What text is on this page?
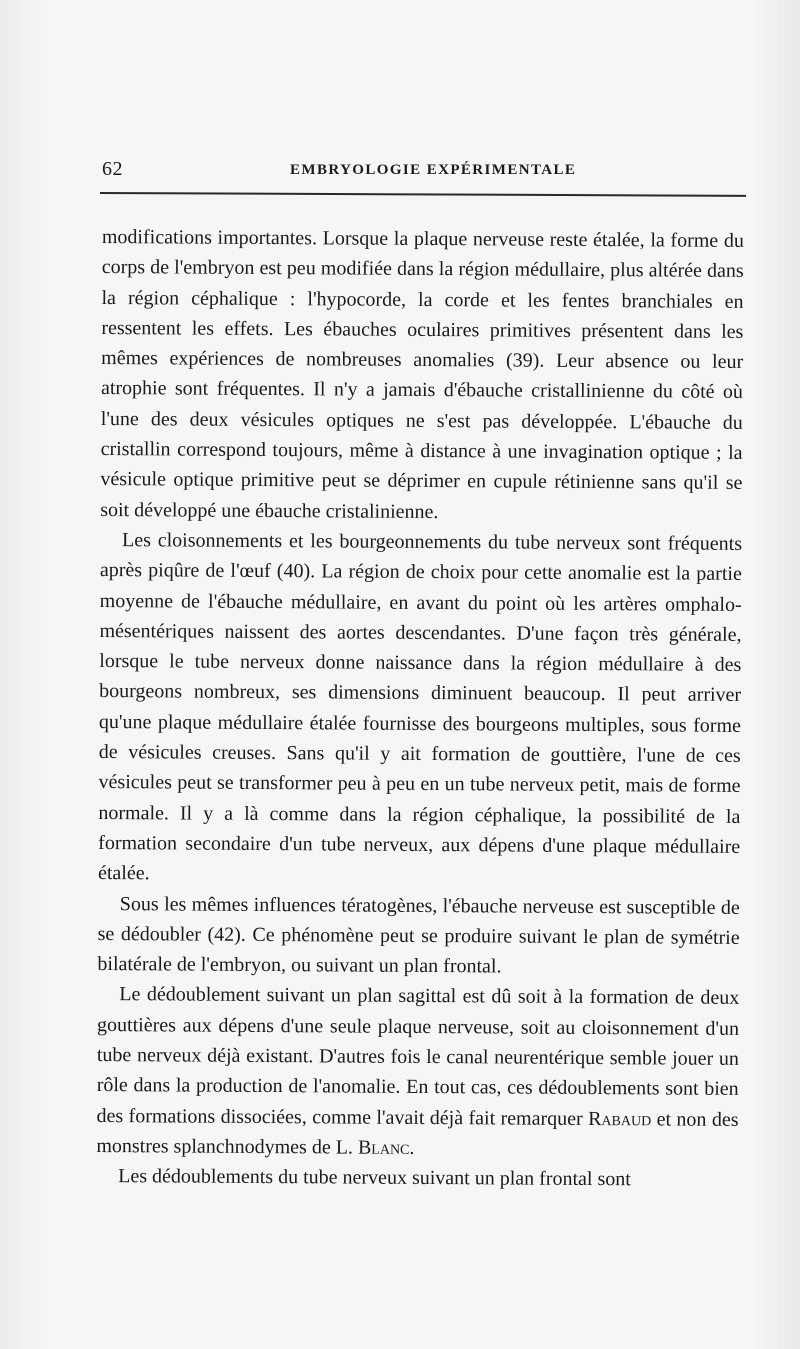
62	EMBRYOLOGIE EXPÉRIMENTALE

modifications importantes. Lorsque la plaque nerveuse reste étalée, la forme du corps de l'embryon est peu modifiée dans la région médullaire, plus altérée dans la région céphalique : l'hypocorde, la corde et les fentes branchiales en ressentent les effets. Les ébauches oculaires primitives présentent dans les mêmes expériences de nombreuses anomalies (39). Leur absence ou leur atrophie sont fréquentes. Il n'y a jamais d'ébauche cristallinienne du côté où l'une des deux vésicules optiques ne s'est pas développée. L'ébauche du cristallin correspond toujours, même à distance à une invagination optique ; la vésicule optique primitive peut se déprimer en cupule rétinienne sans qu'il se soit développé une ébauche cristalinienne.

Les cloisonnements et les bourgeonnements du tube nerveux sont fréquents après piqûre de l'œuf (40). La région de choix pour cette anomalie est la partie moyenne de l'ébauche médullaire, en avant du point où les artères omphalo-mésentériques naissent des aortes descendantes. D'une façon très générale, lorsque le tube nerveux donne naissance dans la région médullaire à des bourgeons nombreux, ses dimensions diminuent beaucoup. Il peut arriver qu'une plaque médullaire étalée fournisse des bourgeons multiples, sous forme de vésicules creuses. Sans qu'il y ait formation de gouttière, l'une de ces vésicules peut se transformer peu à peu en un tube nerveux petit, mais de forme normale. Il y a là comme dans la région céphalique, la possibilité de la formation secondaire d'un tube nerveux, aux dépens d'une plaque médullaire étalée.

Sous les mêmes influences tératogènes, l'ébauche nerveuse est susceptible de se dédoubler (42). Ce phénomène peut se produire suivant le plan de symétrie bilatérale de l'embryon, ou suivant un plan frontal.

Le dédoublement suivant un plan sagittal est dû soit à la formation de deux gouttières aux dépens d'une seule plaque nerveuse, soit au cloisonnement d'un tube nerveux déjà existant. D'autres fois le canal neurentérique semble jouer un rôle dans la production de l'anomalie. En tout cas, ces dédoublements sont bien des formations dissociées, comme l'avait déjà fait remarquer Rabaud et non des monstres splanchnodymes de L. Blanc.

Les dédoublements du tube nerveux suivant un plan frontal sont
